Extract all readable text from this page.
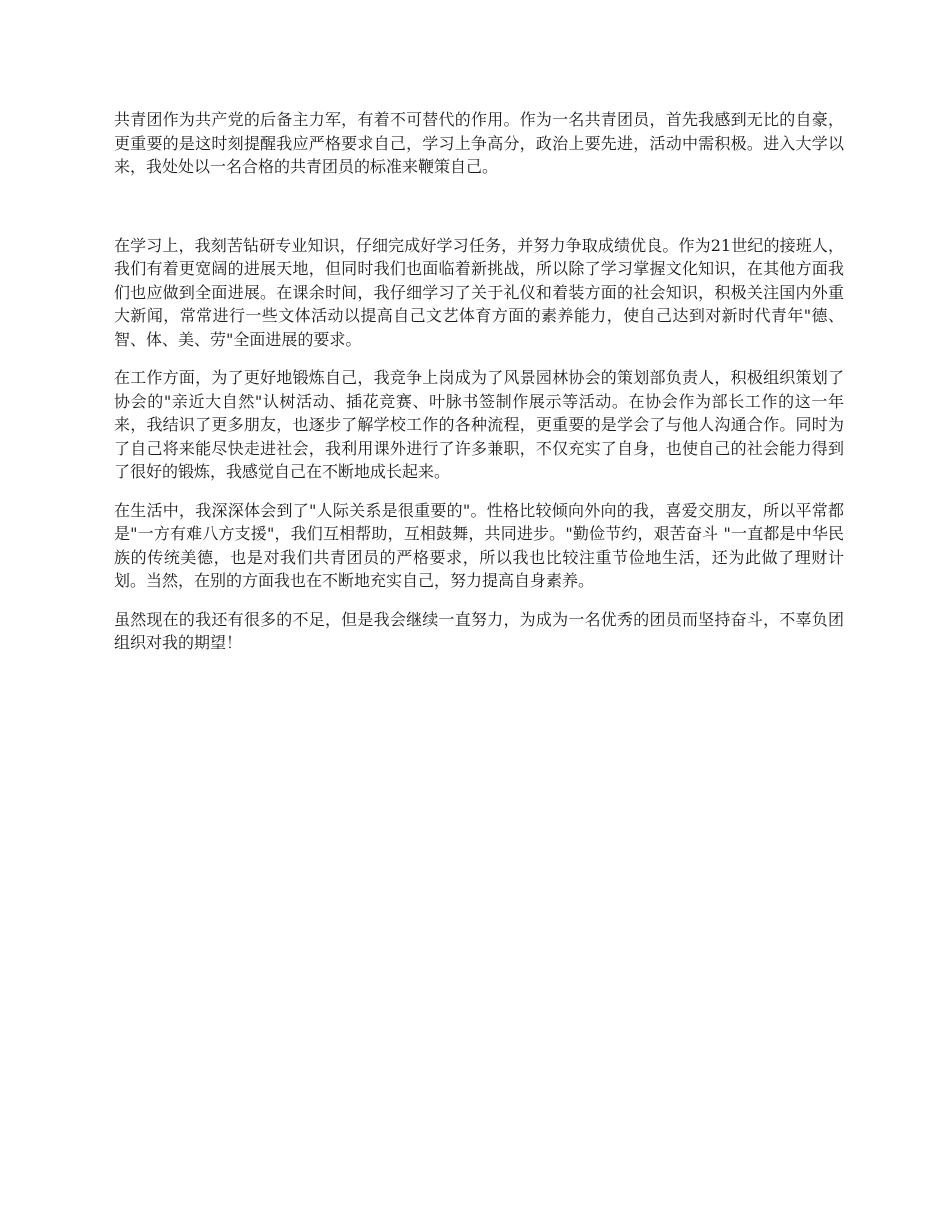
共青团作为共产党的后备主力军，有着不可替代的作用。作为一名共青团员，首先我感到无比的自豪，更重要的是这时刻提醒我应严格要求自己，学习上争高分，政治上要先进，活动中需积极。进入大学以来，我处处以一名合格的共青团员的标准来鞭策自己。

在学习上，我刻苦钻研专业知识，仔细完成好学习任务，并努力争取成绩优良。作为21世纪的接班人，我们有着更宽阔的进展天地，但同时我们也面临着新挑战，所以除了学习掌握文化知识，在其他方面我们也应做到全面进展。在课余时间，我仔细学习了关于礼仪和着装方面的社会知识，积极关注国内外重大新闻，常常进行一些文体活动以提高自己文艺体育方面的素养能力，使自己达到对新时代青年"德、智、体、美、劳"全面进展的要求。

在工作方面，为了更好地锻炼自己，我竞争上岗成为了风景园林协会的策划部负责人，积极组织策划了协会的"亲近大自然"认树活动、插花竞赛、叶脉书签制作展示等活动。在协会作为部长工作的这一年来，我结识了更多朋友，也逐步了解学校工作的各种流程，更重要的是学会了与他人沟通合作。同时为了自己将来能尽快走进社会，我利用课外进行了许多兼职，不仅充实了自身，也使自己的社会能力得到了很好的锻炼，我感觉自己在不断地成长起来。

在生活中，我深深体会到了"人际关系是很重要的"。性格比较倾向外向的我，喜爱交朋友，所以平常都是"一方有难八方支援"，我们互相帮助，互相鼓舞，共同进步。"勤俭节约，艰苦奋斗 "一直都是中华民族的传统美德，也是对我们共青团员的严格要求，所以我也比较注重节俭地生活，还为此做了理财计划。当然，在别的方面我也在不断地充实自己，努力提高自身素养。

虽然现在的我还有很多的不足，但是我会继续一直努力，为成为一名优秀的团员而坚持奋斗，不辜负团组织对我的期望！
